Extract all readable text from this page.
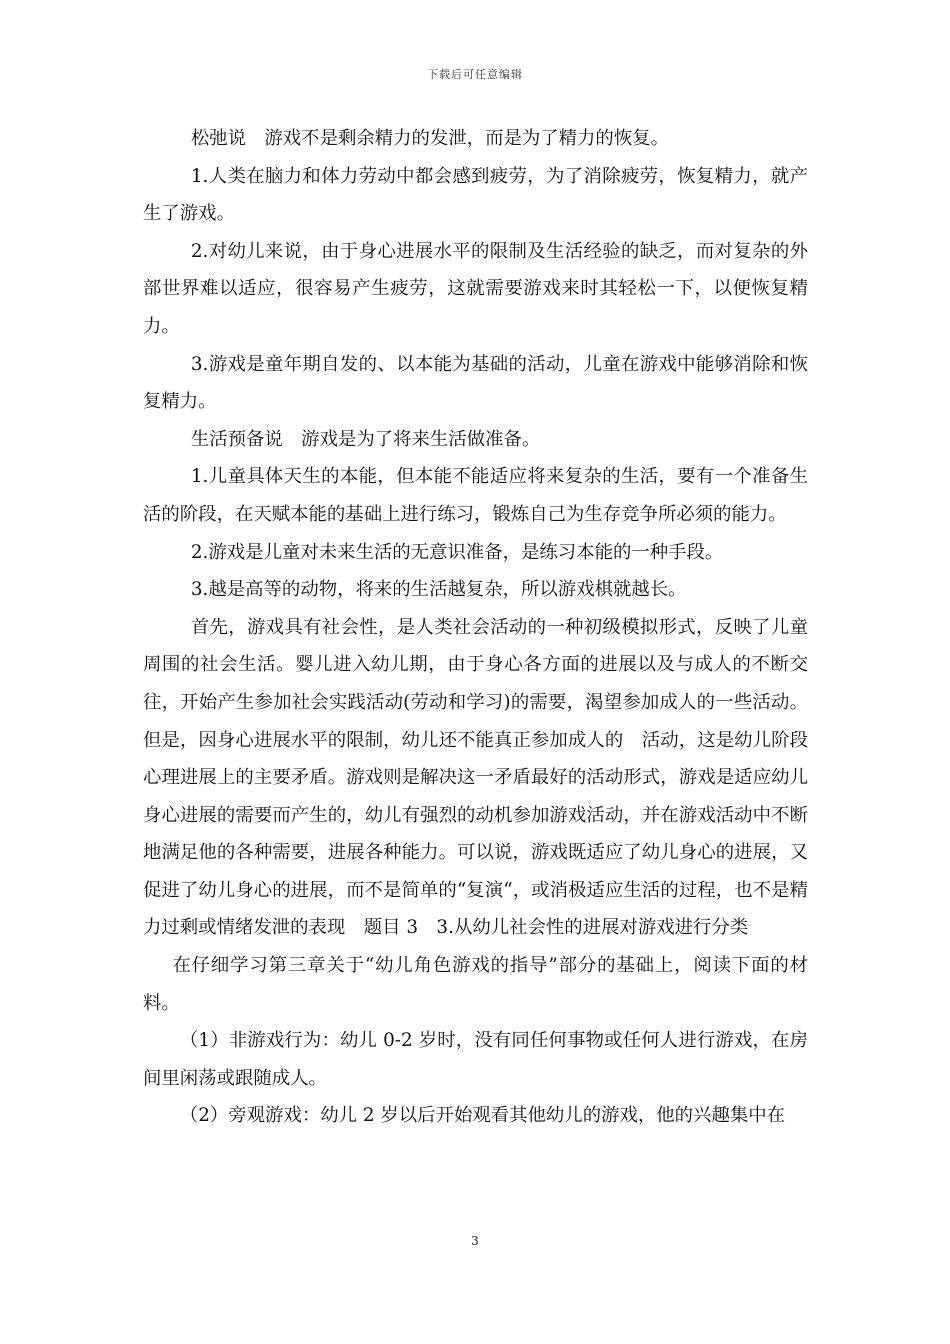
下载后可任意编辑

松弛说　游戏不是剩余精力的发泄，而是为了精力的恢复。

1.人类在脑力和体力劳动中都会感到疲劳，为了消除疲劳，恢复精力，就产生了游戏。

2.对幼儿来说，由于身心进展水平的限制及生活经验的缺乏，而对复杂的外部世界难以适应，很容易产生疲劳，这就需要游戏来时其轻松一下，以便恢复精力。

3.游戏是童年期自发的、以本能为基础的活动，儿童在游戏中能够消除和恢复精力。

生活预备说　游戏是为了将来生活做准备。

1.儿童具体天生的本能，但本能不能适应将来复杂的生活，要有一个准备生活的阶段，在天赋本能的基础上进行练习，锻炼自己为生存竞争所必须的能力。

2.游戏是儿童对未来生活的无意识准备，是练习本能的一种手段。

3.越是高等的动物，将来的生活越复杂，所以游戏棋就越长。

首先，游戏具有社会性，是人类社会活动的一种初级模拟形式，反映了儿童周围的社会生活。婴儿进入幼儿期，由于身心各方面的进展以及与成人的不断交往，开始产生参加社会实践活动(劳动和学习)的需要，渴望参加成人的一些活动。但是，因身心进展水平的限制，幼儿还不能真正参加成人的　活动，这是幼儿阶段心理进展上的主要矛盾。游戏则是解决这一矛盾最好的活动形式，游戏是适应幼儿身心进展的需要而产生的，幼儿有强烈的动机参加游戏活动，并在游戏活动中不断地满足他的各种需要，进展各种能力。可以说，游戏既适应了幼儿身心的进展，又促进了幼儿身心的进展，而不是简单的“复演“，或消极适应生活的过程，也不是精力过剩或情绪发泄的表现　题目 3　3.从幼儿社会性的进展对游戏进行分类

在仔细学习第三章关于“幼儿角色游戏的指导”部分的基础上，阅读下面的材料。

（1）非游戏行为：幼儿 0-2 岁时，没有同任何事物或任何人进行游戏，在房间里闲荡或跟随成人。

（2）旁观游戏：幼儿 2 岁以后开始观看其他幼儿的游戏，他的兴趣集中在

3
